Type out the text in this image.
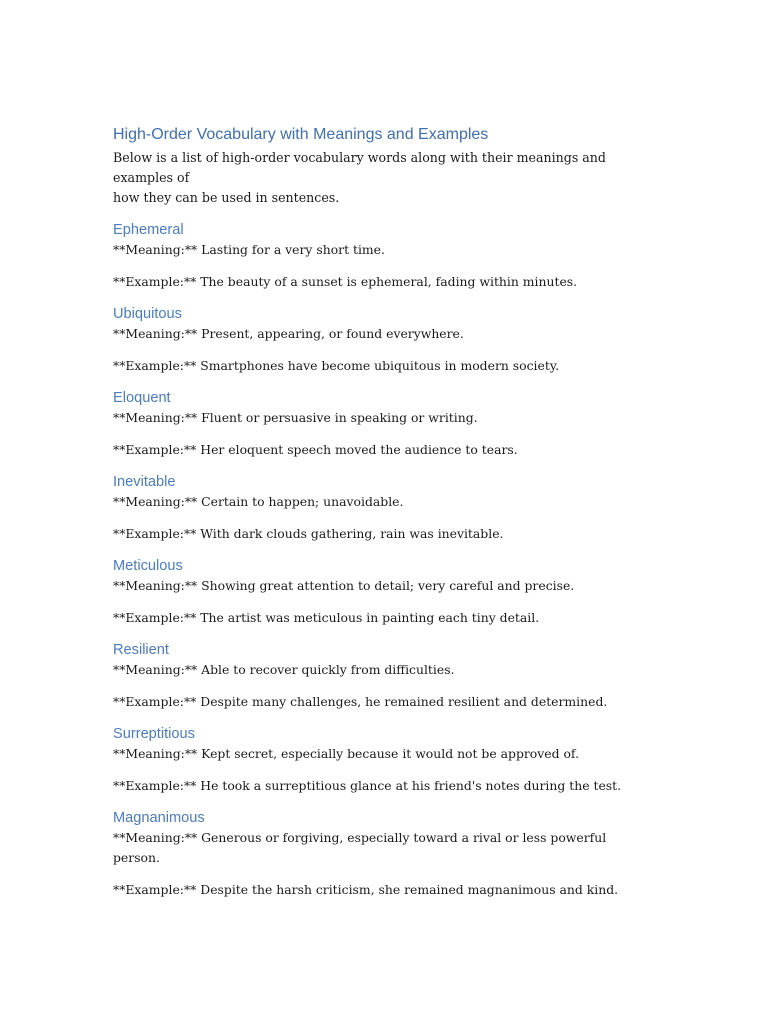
High-Order Vocabulary with Meanings and Examples

Below is a list of high-order vocabulary words along with their meanings and examples of
how they can be used in sentences.

Ephemeral

**Meaning:** Lasting for a very short time.

**Example:** The beauty of a sunset is ephemeral, fading within minutes.

Ubiquitous

**Meaning:** Present, appearing, or found everywhere.

**Example:** Smartphones have become ubiquitous in modern society.

Eloquent

**Meaning:** Fluent or persuasive in speaking or writing.

**Example:** Her eloquent speech moved the audience to tears.

Inevitable

**Meaning:** Certain to happen; unavoidable.

**Example:** With dark clouds gathering, rain was inevitable.

Meticulous

**Meaning:** Showing great attention to detail; very careful and precise.

**Example:** The artist was meticulous in painting each tiny detail.

Resilient

**Meaning:** Able to recover quickly from difficulties.

**Example:** Despite many challenges, he remained resilient and determined.

Surreptitious

**Meaning:** Kept secret, especially because it would not be approved of.

**Example:** He took a surreptitious glance at his friend's notes during the test.

Magnanimous

**Meaning:** Generous or forgiving, especially toward a rival or less powerful person.

**Example:** Despite the harsh criticism, she remained magnanimous and kind.
